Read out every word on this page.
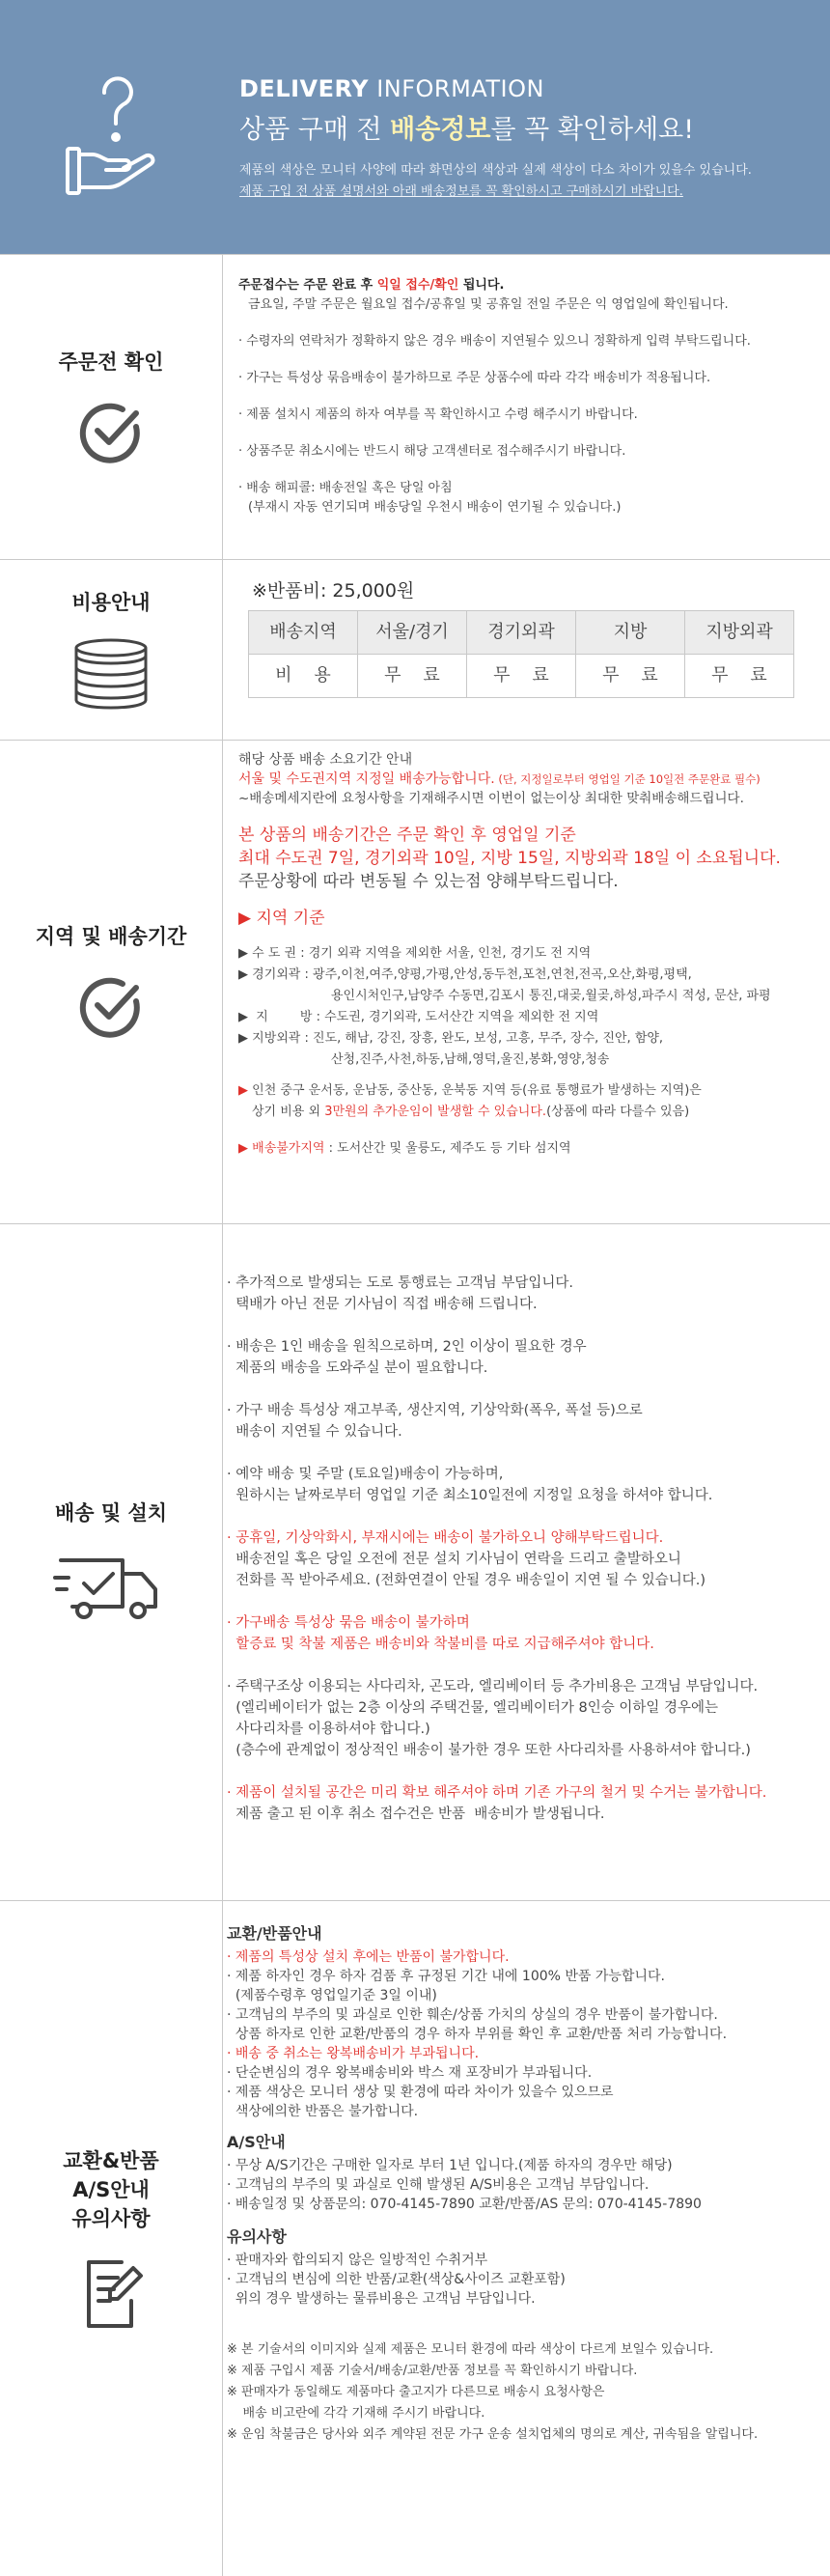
DELIVERY INFORMATION
상품 구매 전 배송정보를 꼭 확인하세요!
제품의 색상은 모니터 사양에 따라 화면상의 색상과 실제 색상이 다소 차이가 있을수 있습니다.
제품 구입 전 상품 설명서와 아래 배송정보를 꼭 확인하시고 구매하시기 바랍니다.
주문전 확인
주문접수는 주문 완료 후 익일 접수/확인 됩니다.
금요일, 주말 주문은 월요일 접수/공휴일 및 공휴일 전일 주문은 익 영업일에 확인됩니다.
· 수령자의 연락처가 정확하지 않은 경우 배송이 지연될수 있으니 정확하게 입력 부탁드립니다.
· 가구는 특성상 묶음배송이 불가하므로 주문 상품수에 따라 각각 배송비가 적용됩니다.
· 제품 설치시 제품의 하자 여부를 꼭 확인하시고 수령 해주시기 바랍니다.
· 상품주문 취소시에는 반드시 해당 고객센터로 접수해주시기 바랍니다.
· 배송 해피콜: 배송전일 혹은 당일 아침
(부재시 자동 연기되며 배송당일 우천시 배송이 연기될 수 있습니다.)
비용안내	※반품비: 25,000원
배송지역	서울/경기	경기외곽	지방	지방외곽
비    용	무    료	무    료	무    료	무    료
지역 및 배송기간
해당 상품 배송 소요기간 안내
서울 및 수도권지역 지정일 배송가능합니다. (단, 지정일로부터 영업일 기준 10일전 주문완료 필수)
~배송메세지란에 요청사항을 기재해주시면 이번이 없는이상 최대한 맞춰배송해드립니다.
본 상품의 배송기간은 주문 확인 후 영업일 기준
최대 수도권 7일, 경기외곽 10일, 지방 15일, 지방외곽 18일 이 소요됩니다.
주문상황에 따라 변동될 수 있는점 양해부탁드립니다.
▶ 지역 기준
▶ 수 도 권 : 경기 외곽 지역을 제외한 서울, 인천, 경기도 전 지역
▶ 경기외곽 : 광주,이천,여주,양평,가평,안성,동두천,포천,연천,전곡,오산,화평,평택,
용인시처인구,남양주 수동면,김포시 통진,대곶,월곶,하성,파주시 적성, 문산, 파평
▶  지        방 : 수도권, 경기외곽, 도서산간 지역을 제외한 전 지역
▶ 지방외곽 : 진도, 해남, 강진, 장흥, 완도, 보성, 고흥, 무주, 장수, 진안, 함양,
산청,진주,사천,하동,남해,영덕,울진,봉화,영양,청송
▶ 인천 중구 운서동, 운남동, 중산동, 운북동 지역 등(유료 통행료가 발생하는 지역)은
상기 비용 외 3만원의 추가운임이 발생할 수 있습니다.(상품에 따라 다를수 있음)
▶ 배송불가지역 : 도서산간 및 울릉도, 제주도 등 기타 섬지역
배송 및 설치
· 추가적으로 발생되는 도로 통행료는 고객님 부담입니다.
택배가 아닌 전문 기사님이 직접 배송해 드립니다.
· 배송은 1인 배송을 원칙으로하며, 2인 이상이 필요한 경우
제품의 배송을 도와주실 분이 필요합니다.
· 가구 배송 특성상 재고부족, 생산지역, 기상악화(폭우, 폭설 등)으로
배송이 지연될 수 있습니다.
· 예약 배송 및 주말 (토요일)배송이 가능하며,
원하시는 날짜로부터 영업일 기준 최소10일전에 지정일 요청을 하셔야 합니다.
· 공휴일, 기상악화시, 부재시에는 배송이 불가하오니 양해부탁드립니다.
배송전일 혹은 당일 오전에 전문 설치 기사님이 연락을 드리고 출발하오니
전화를 꼭 받아주세요. (전화연결이 안될 경우 배송일이 지연 될 수 있습니다.)
· 가구배송 특성상 묶음 배송이 불가하며
할증료 및 착불 제품은 배송비와 착불비를 따로 지급해주셔야 합니다.
· 주택구조상 이용되는 사다리차, 곤도라, 엘리베이터 등 추가비용은 고객님 부담입니다.
(엘리베이터가 없는 2층 이상의 주택건물, 엘리베이터가 8인승 이하일 경우에는
사다리차를 이용하셔야 합니다.)
(층수에 관계없이 정상적인 배송이 불가한 경우 또한 사다리차를 사용하셔야 합니다.)
· 제품이 설치될 공간은 미리 확보 해주셔야 하며 기존 가구의 철거 및 수거는 불가합니다.
제품 출고 된 이후 취소 접수건은 반품  배송비가 발생됩니다.
교환&반품
A/S안내
유의사항
교환/반품안내
· 제품의 특성상 설치 후에는 반품이 불가합니다.
· 제품 하자인 경우 하자 검품 후 규정된 기간 내에 100% 반품 가능합니다.
(제품수령후 영업일기준 3일 이내)
· 고객님의 부주의 및 과실로 인한 훼손/상품 가치의 상실의 경우 반품이 불가합니다.
상품 하자로 인한 교환/반품의 경우 하자 부위를 확인 후 교환/반품 처리 가능합니다.
· 배송 중 취소는 왕복배송비가 부과됩니다.
· 단순변심의 경우 왕복배송비와 박스 재 포장비가 부과됩니다.
· 제품 색상은 모니터 생상 및 환경에 따라 차이가 있을수 있으므로
색상에의한 반품은 불가합니다.
A/S안내
· 무상 A/S기간은 구매한 일자로 부터 1년 입니다.(제품 하자의 경우만 해당)
· 고객님의 부주의 및 과실로 인해 발생된 A/S비용은 고객님 부담입니다.
· 배송일정 및 상품문의: 070-4145-7890 교환/반품/AS 문의: 070-4145-7890
유의사항
· 판매자와 합의되지 않은 일방적인 수취거부
· 고객님의 변심에 의한 반품/교환(색상&사이즈 교환포함)
위의 경우 발생하는 물류비용은 고객님 부담입니다.
※ 본 기술서의 이미지와 실제 제품은 모니터 환경에 따라 색상이 다르게 보일수 있습니다.
※ 제품 구입시 제품 기술서/배송/교환/반품 정보를 꼭 확인하시기 바랍니다.
※ 판매자가 동일해도 제품마다 출고지가 다른므로 배송시 요청사항은
배송 비고란에 각각 기재해 주시기 바랍니다.
※ 운임 착불금은 당사와 외주 계약된 전문 가구 운송 설치업체의 명의로 계산, 귀속됨을 알립니다.
